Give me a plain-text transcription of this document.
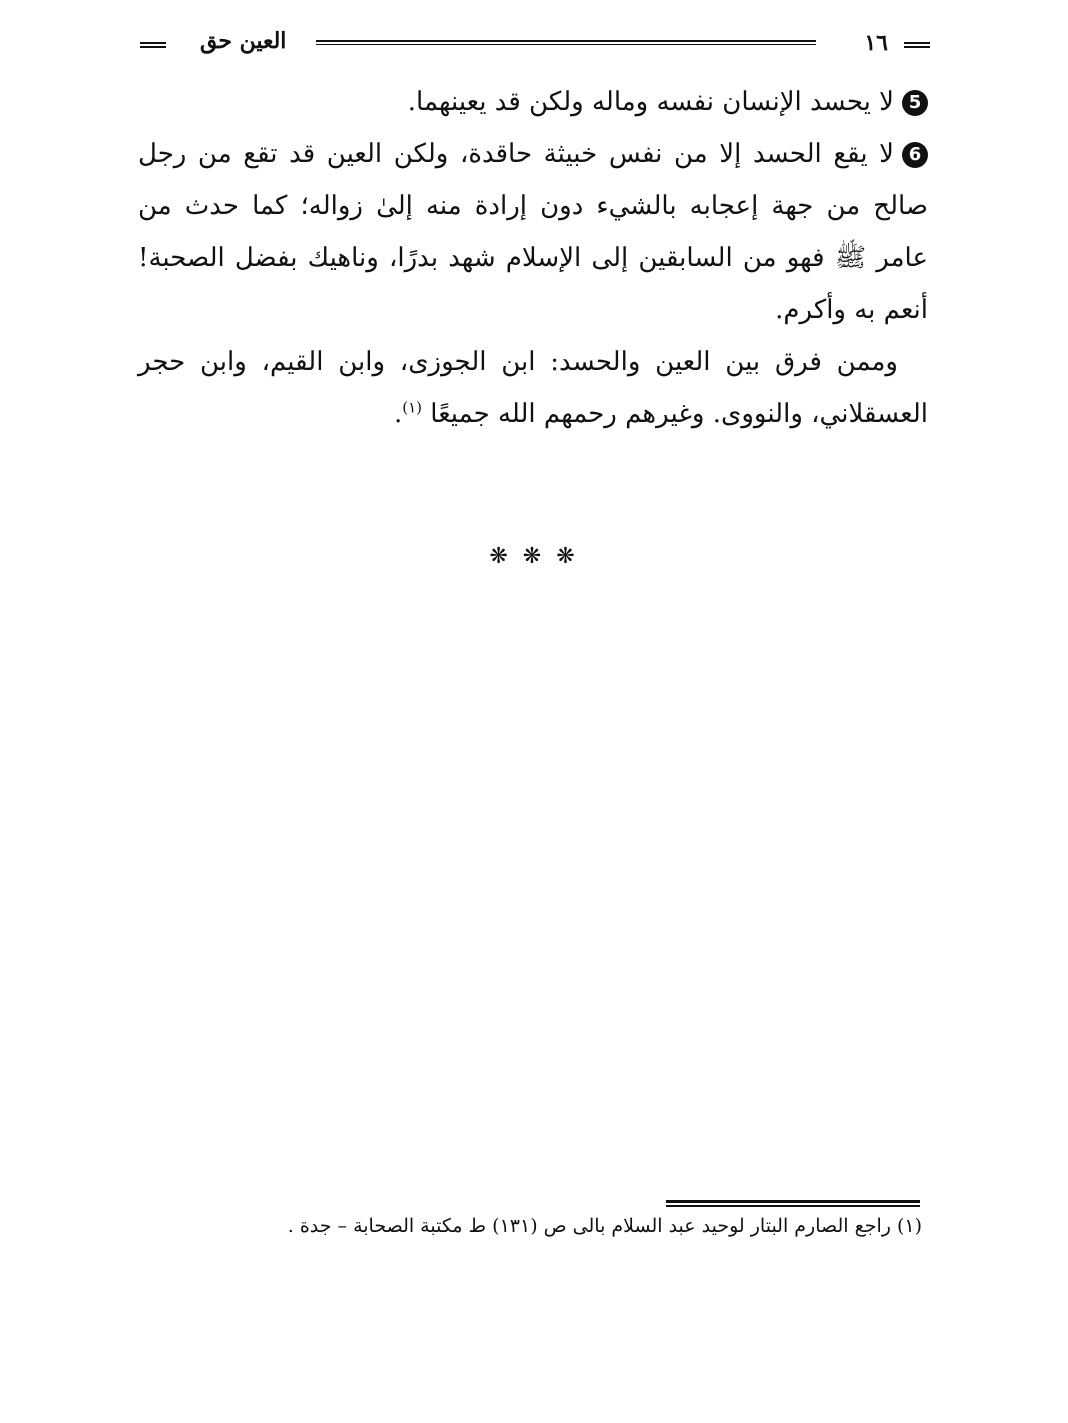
١٦
العين حق

5لا يحسد الإنسان نفسه وماله ولكن قد يعينهما.

6لا يقع الحسد إلا من نفس خبيثة حاقدة، ولكن العين قد تقع من رجل صالح من جهة إعجابه بالشيء دون إرادة منه إلىٰ زواله؛ كما حدث من عامر ﷺ فهو من السابقين إلى الإسلام شهد بدرًا، وناهيك بفضل الصحبة! أنعم به وأكرم.

وممن فرق بين العين والحسد: ابن الجوزى، وابن القيم، وابن حجر العسقلاني، والنووى. وغيرهم رحمهم الله جميعًا $^{(١)}$.

❋ ❋ ❋
(١) راجع الصارم البتار لوحيد عبد السلام بالى ص (١٣١) ط مكتبة الصحابة – جدة .
